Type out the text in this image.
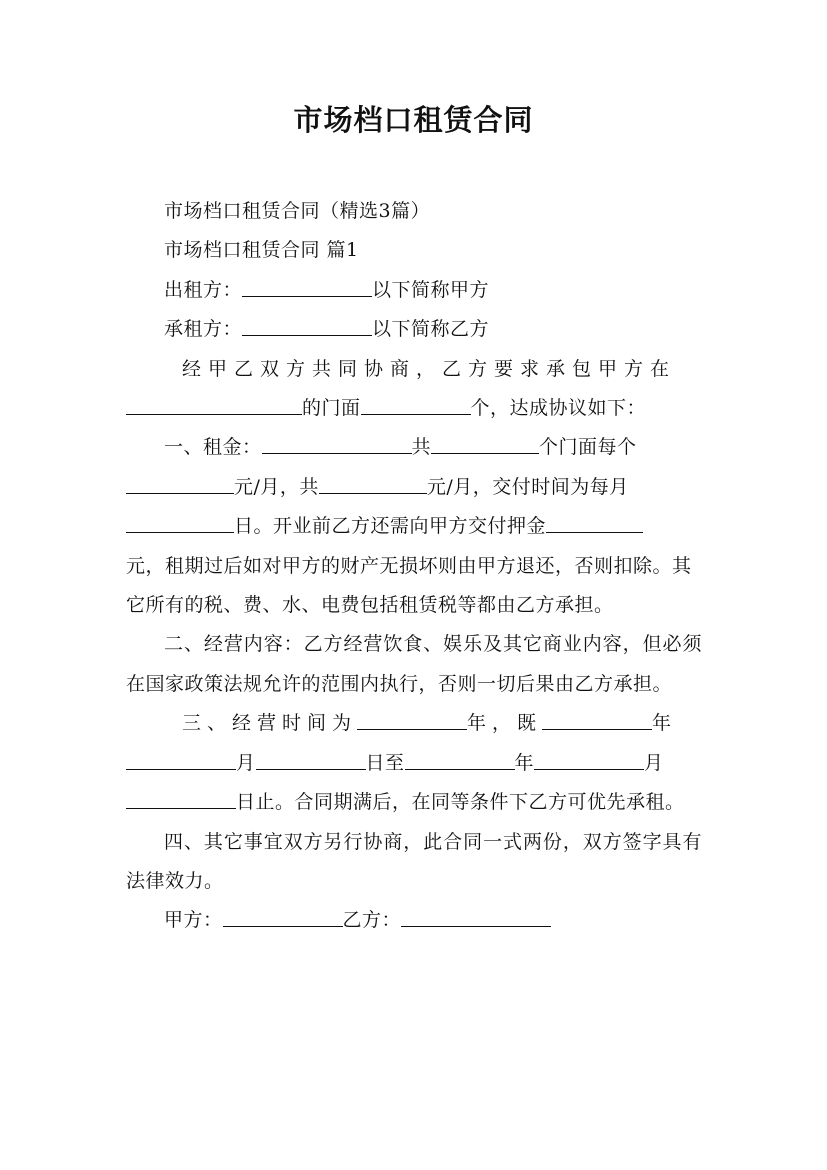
市场档口租赁合同

市场档口租赁合同（精选3篇）

市场档口租赁合同 篇1

出租方：	以下简称甲方

承租方：	以下简称乙方

经甲乙双方共同协商，乙方要求承包甲方在
的门面	个，达成协议如下：
一、租金：	共	个门面每个
元/月，共	元/月，交付时间为每月
日。开业前乙方还需向甲方交付押金
元，租期过后如对甲方的财产无损坏则由甲方退还，否则扣除。其它所有的税、费、水、电费包括租赁税等都由乙方承担。

二、经营内容：乙方经营饮食、娱乐及其它商业内容，但必须在国家政策法规允许的范围内执行，否则一切后果由乙方承担。

三、经营时间为	年，既	年
月	日至	年	月
日止。合同期满后，在同等条件下乙方可优先承租。

四、其它事宜双方另行协商，此合同一式两份，双方签字具有法律效力。

甲方：	乙方：
